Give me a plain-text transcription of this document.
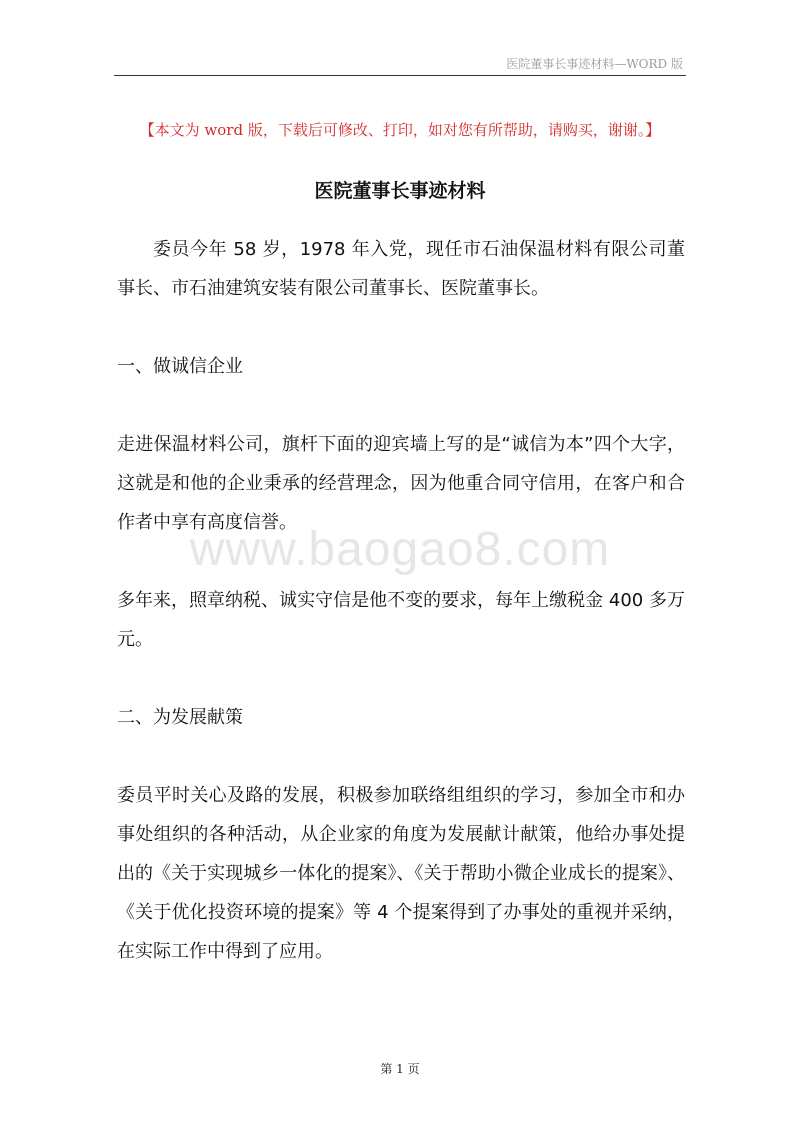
医院董事长事迹材料—WORD 版
【本文为 word 版，下载后可修改、打印，如对您有所帮助，请购买，谢谢。】
医院董事长事迹材料

委员今年 58 岁，1978 年入党，现任市石油保温材料有限公司董事长、市石油建筑安装有限公司董事长、医院董事长。

一、做诚信企业

走进保温材料公司，旗杆下面的迎宾墙上写的是“诚信为本”四个大字，这就是和他的企业秉承的经营理念，因为他重合同守信用，在客户和合作者中享有高度信誉。

多年来，照章纳税、诚实守信是他不变的要求，每年上缴税金 400 多万元。

二、为发展献策

委员平时关心及路的发展，积极参加联络组组织的学习，参加全市和办事处组织的各种活动，从企业家的角度为发展献计献策，他给办事处提出的《关于实现城乡一体化的提案》、《关于帮助小微企业成长的提案》、《关于优化投资环境的提案》等 4 个提案得到了办事处的重视并采纳，在实际工作中得到了应用。

www.baogao8.com
第 1 页
